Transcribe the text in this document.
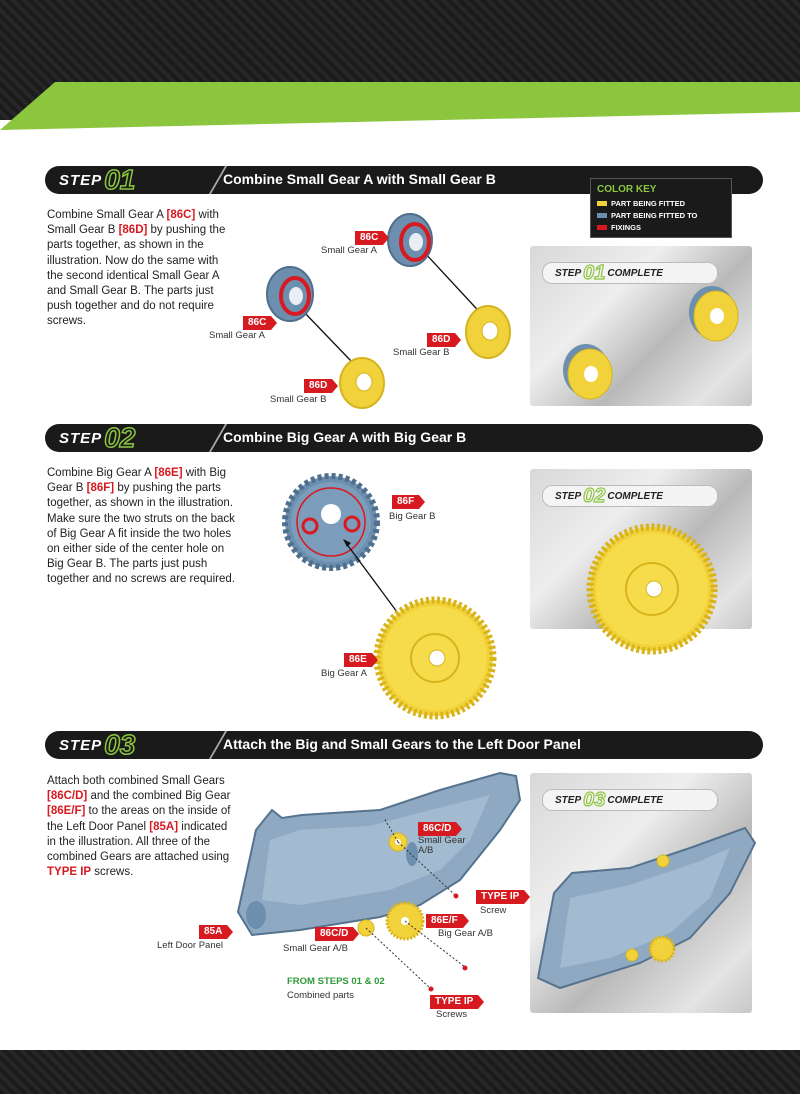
STEP 01	Combine Small Gear A with Small Gear B
COLOR KEY
PART BEING FITTED
PART BEING FITTED TO
FIXINGS
Combine Small Gear A [86C] with Small Gear B [86D] by pushing the parts together, as shown in the illustration. Now do the same with the second identical Small Gear A and Small Gear B. The parts just push together and do not require screws.
86C
Small Gear A
86C
Small Gear A	86D
Small Gear B
86D
Small Gear B
STEP 01 COMPLETE
STEP 02	Combine Big Gear A with Big Gear B
Combine Big Gear A [86E] with Big Gear B [86F] by pushing the parts together, as shown in the illustration. Make sure the two struts on the back of Big Gear A fit inside the two holes on either side of the center hole on Big Gear B. The parts just push together and no screws are required.
86F
Big Gear B
86E
Big Gear A
STEP 02 COMPLETE
STEP 03	Attach the Big and Small Gears to the Left Door Panel
Attach both combined Small Gears [86C/D] and the combined Big Gear [86E/F] to the areas on the inside of the Left Door Panel [85A] indicated in the illustration. All three of the combined Gears are attached using TYPE IP screws.
86C/D
Small Gear A/B
TYPE IP
Screw
86E/F
Big Gear A/B
85A
Left Door Panel
86C/D
Small Gear A/B
FROM STEPS 01 & 02
Combined parts
TYPE IP
Screws
STEP 03 COMPLETE
